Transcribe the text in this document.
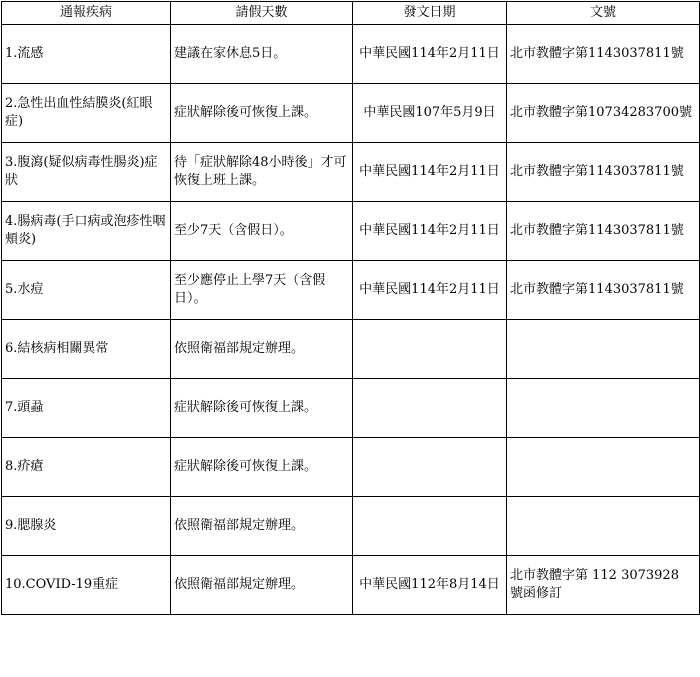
通報疾病	請假天數	發文日期	文號
1.流感	建議在家休息5日。	中華民國114年2月11日	北市教體字第1143037811號
2.急性出血性結膜炎(紅眼症)	症狀解除後可恢復上課。	中華民國107年5月9日	北市教體字第10734283700號
3.腹瀉(疑似病毒性腸炎)症狀	待「症狀解除48小時後」才可恢復上班上課。	中華民國114年2月11日	北市教體字第1143037811號
4.腸病毒(手口病或泡疹性咽頰炎)	至少7天（含假日）。	中華民國114年2月11日	北市教體字第1143037811號
5.水痘	至少應停止上學7天（含假日）。	中華民國114年2月11日	北市教體字第1143037811號
6.結核病相關異常	依照衛福部規定辦理。		
7.頭蝨	症狀解除後可恢復上課。		
8.疥瘡	症狀解除後可恢復上課。		
9.腮腺炎	依照衛福部規定辦理。		
10.COVID-19重症	依照衛福部規定辦理。	中華民國112年8月14日	北市教體字第 112 3073928 號函修訂
